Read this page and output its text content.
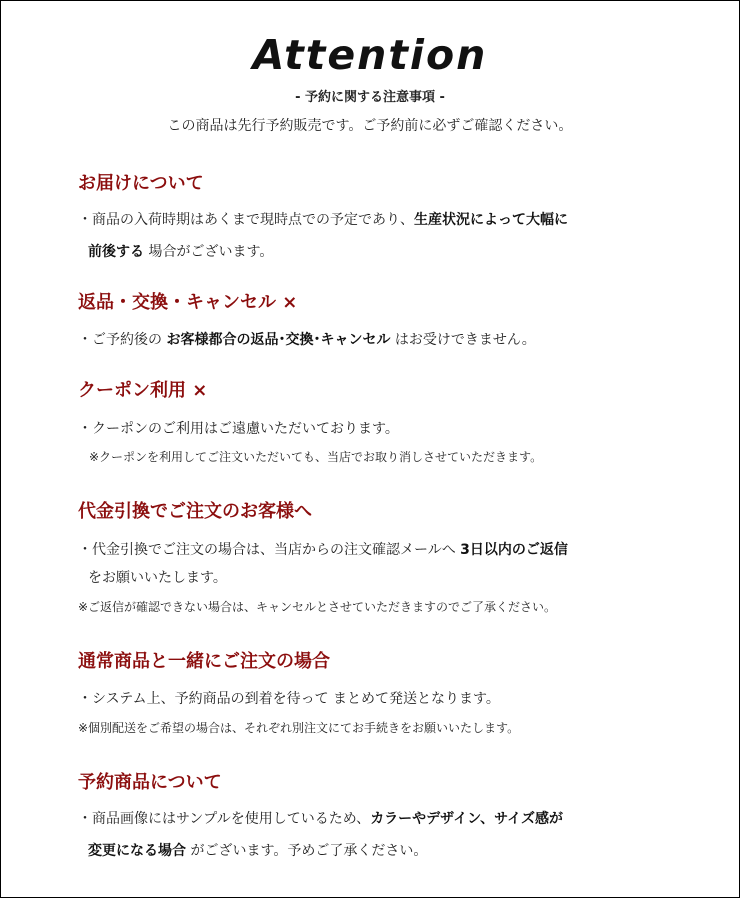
Attention
- 予約に関する注意事項 -
この商品は先行予約販売です。ご予約前に必ずご確認ください。
お届けについて
・商品の入荷時期はあくまで現時点での予定であり、生産状況によって大幅に
前後する 場合がございます。
返品・交換・キャンセル ×
・ご予約後の お客様都合の返品･交換･キャンセル はお受けできません。
クーポン利用 ×
・クーポンのご利用はご遠慮いただいております。
※クーポンを利用してご注文いただいても、当店でお取り消しさせていただきます。
代金引換でご注文のお客様へ
・代金引換でご注文の場合は、当店からの注文確認メールへ 3日以内のご返信
をお願いいたします。
※ご返信が確認できない場合は、キャンセルとさせていただきますのでご了承ください。
通常商品と一緒にご注文の場合
・システム上、予約商品の到着を待って まとめて発送となります。
※個別配送をご希望の場合は、それぞれ別注文にてお手続きをお願いいたします。
予約商品について
・商品画像にはサンプルを使用しているため、カラーやデザイン、サイズ感が
変更になる場合 がございます。予めご了承ください。
